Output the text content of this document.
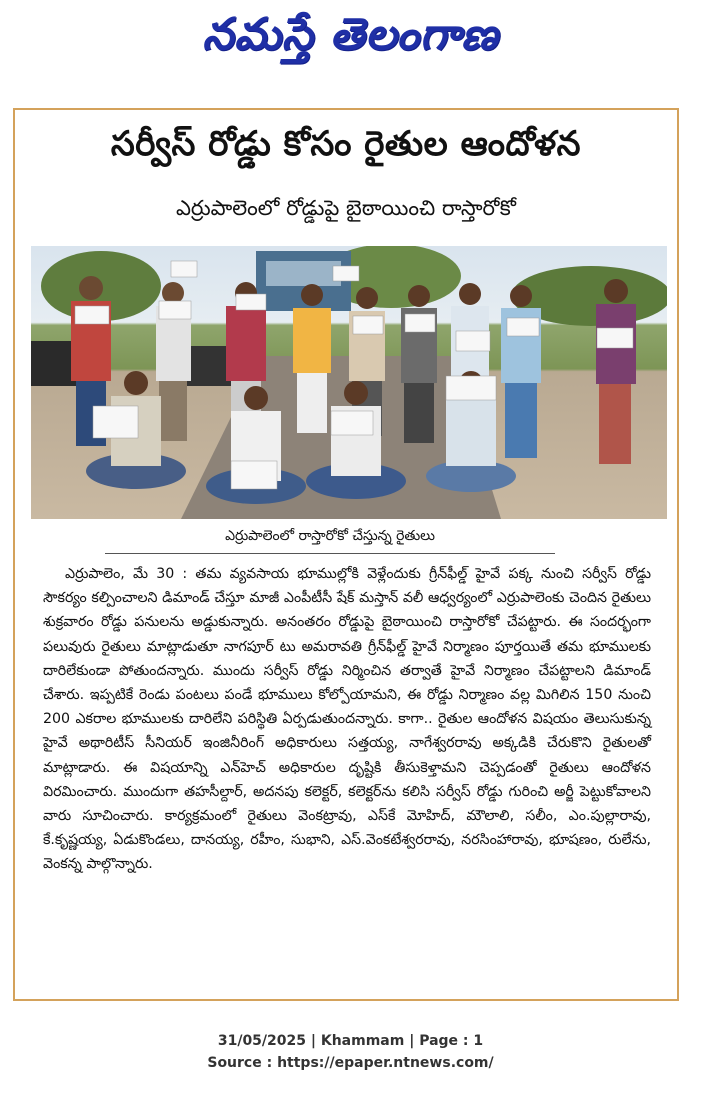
నమస్తే తెలంగాణ
సర్వీస్ రోడ్డు కోసం రైతుల ఆందోళన
ఎర్రుపాలెంలో రోడ్డుపై బైఠాయించి రాస్తారోకో
ఎర్రుపాలెంలో రాస్తారోకో చేస్తున్న రైతులు

ఎర్రుపాలెం, మే 30 : తమ వ్యవసాయ భూముల్లోకి వెళ్లేందుకు గ్రీన్‌ఫీల్డ్ హైవే పక్క నుంచి సర్వీస్ రోడ్డు సౌకర్యం కల్పించాలని డిమాండ్ చేస్తూ మాజీ ఎంపీటీసీ షేక్ మస్తాన్ వలీ ఆధ్వర్యంలో ఎర్రుపాలెంకు చెందిన రైతులు శుక్రవారం రోడ్డు పనులను అడ్డుకున్నారు. అనంతరం రోడ్డుపై బైఠాయించి రాస్తారోకో చేపట్టారు. ఈ సందర్భంగా పలువురు రైతులు మాట్లాడుతూ నాగపూర్ టు అమరావతి గ్రీన్‌ఫీల్డ్ హైవే నిర్మాణం పూర్తయితే తమ భూములకు దారిలేకుండా పోతుందన్నారు. ముందు సర్వీస్ రోడ్డు నిర్మించిన తర్వాతే హైవే నిర్మాణం చేపట్టాలని డిమాండ్ చేశారు. ఇప్పటికే రెండు పంటలు పండే భూములు కోల్పోయామని, ఈ రోడ్డు నిర్మాణం వల్ల మిగిలిన 150 నుంచి 200 ఎకరాల భూములకు దారిలేని పరిస్థితి ఏర్పడుతుందన్నారు. కాగా.. రైతుల ఆందోళన విషయం తెలుసుకున్న హైవే అథారిటీస్ సీనియర్ ఇంజినీరింగ్ అధికారులు సత్తయ్య, నాగేశ్వరరావు అక్కడికి చేరుకొని రైతులతో మాట్లాడారు. ఈ విషయాన్ని ఎన్‌హెచ్ అధికారుల దృష్టికి తీసుకెళ్తామని చెప్పడంతో రైతులు ఆందోళన విరమించారు. ముందుగా తహసీల్దార్, అదనపు కలెక్టర్, కలెక్టర్‌ను కలిసి సర్వీస్ రోడ్డు గురించి అర్జీ పెట్టుకోవాలని వారు సూచించారు. కార్యక్రమంలో రైతులు వెంకట్రావు, ఎస్‌కే మోహిద్, మౌలాలి, సలీం, ఎం.పుల్లారావు, కే.కృష్ణయ్య, ఏడుకొండలు, దానయ్య, రహీం, సుభాని, ఎస్.వెంకటేశ్వరరావు, నరసింహారావు, భూషణం, రులేను, వెంకన్న పాల్గొన్నారు.

31/05/2025 | Khammam | Page : 1
Source : https://epaper.ntnews.com/
